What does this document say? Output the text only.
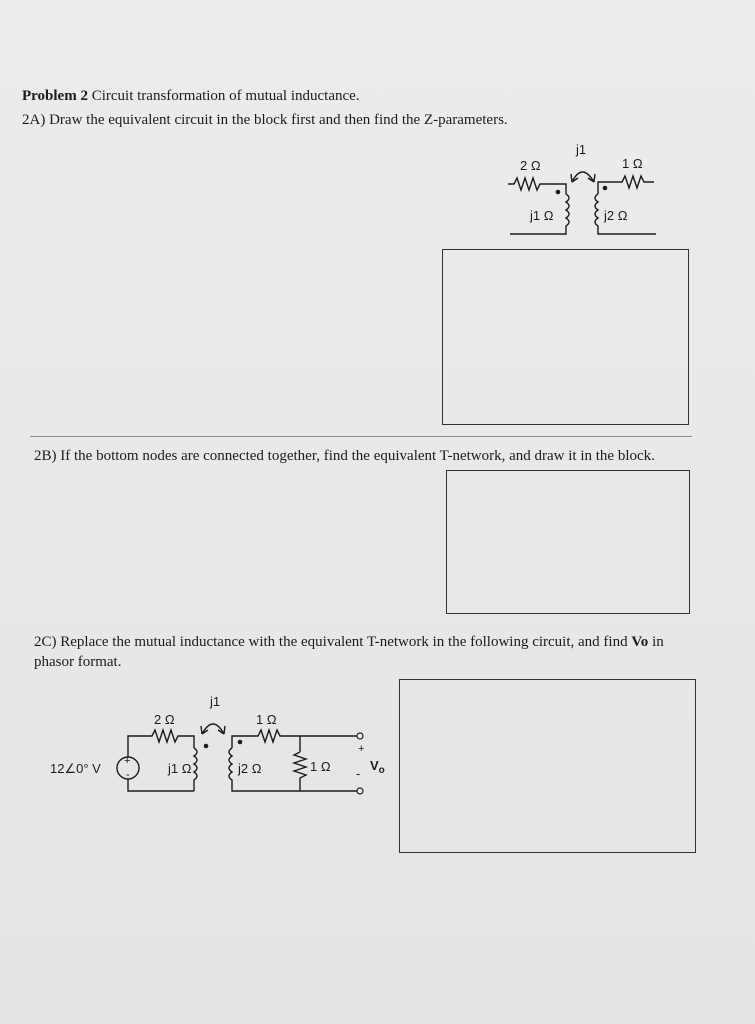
Problem 2 Circuit transformation of mutual inductance.
2A) Draw the equivalent circuit in the block first and then find the Z-parameters.
j1
2 Ω	1 Ω
j1 Ω	j2 Ω
2B) If the bottom nodes are connected together, find the equivalent T-network, and draw it in the block.
2C) Replace the mutual inductance with the equivalent T-network in the following circuit, and find Vo in phasor format.
+
-
12∠0° V
j1
2 Ω	1 Ω
j1 Ω	j2 Ω	1 Ω
+
-
$V_o$
